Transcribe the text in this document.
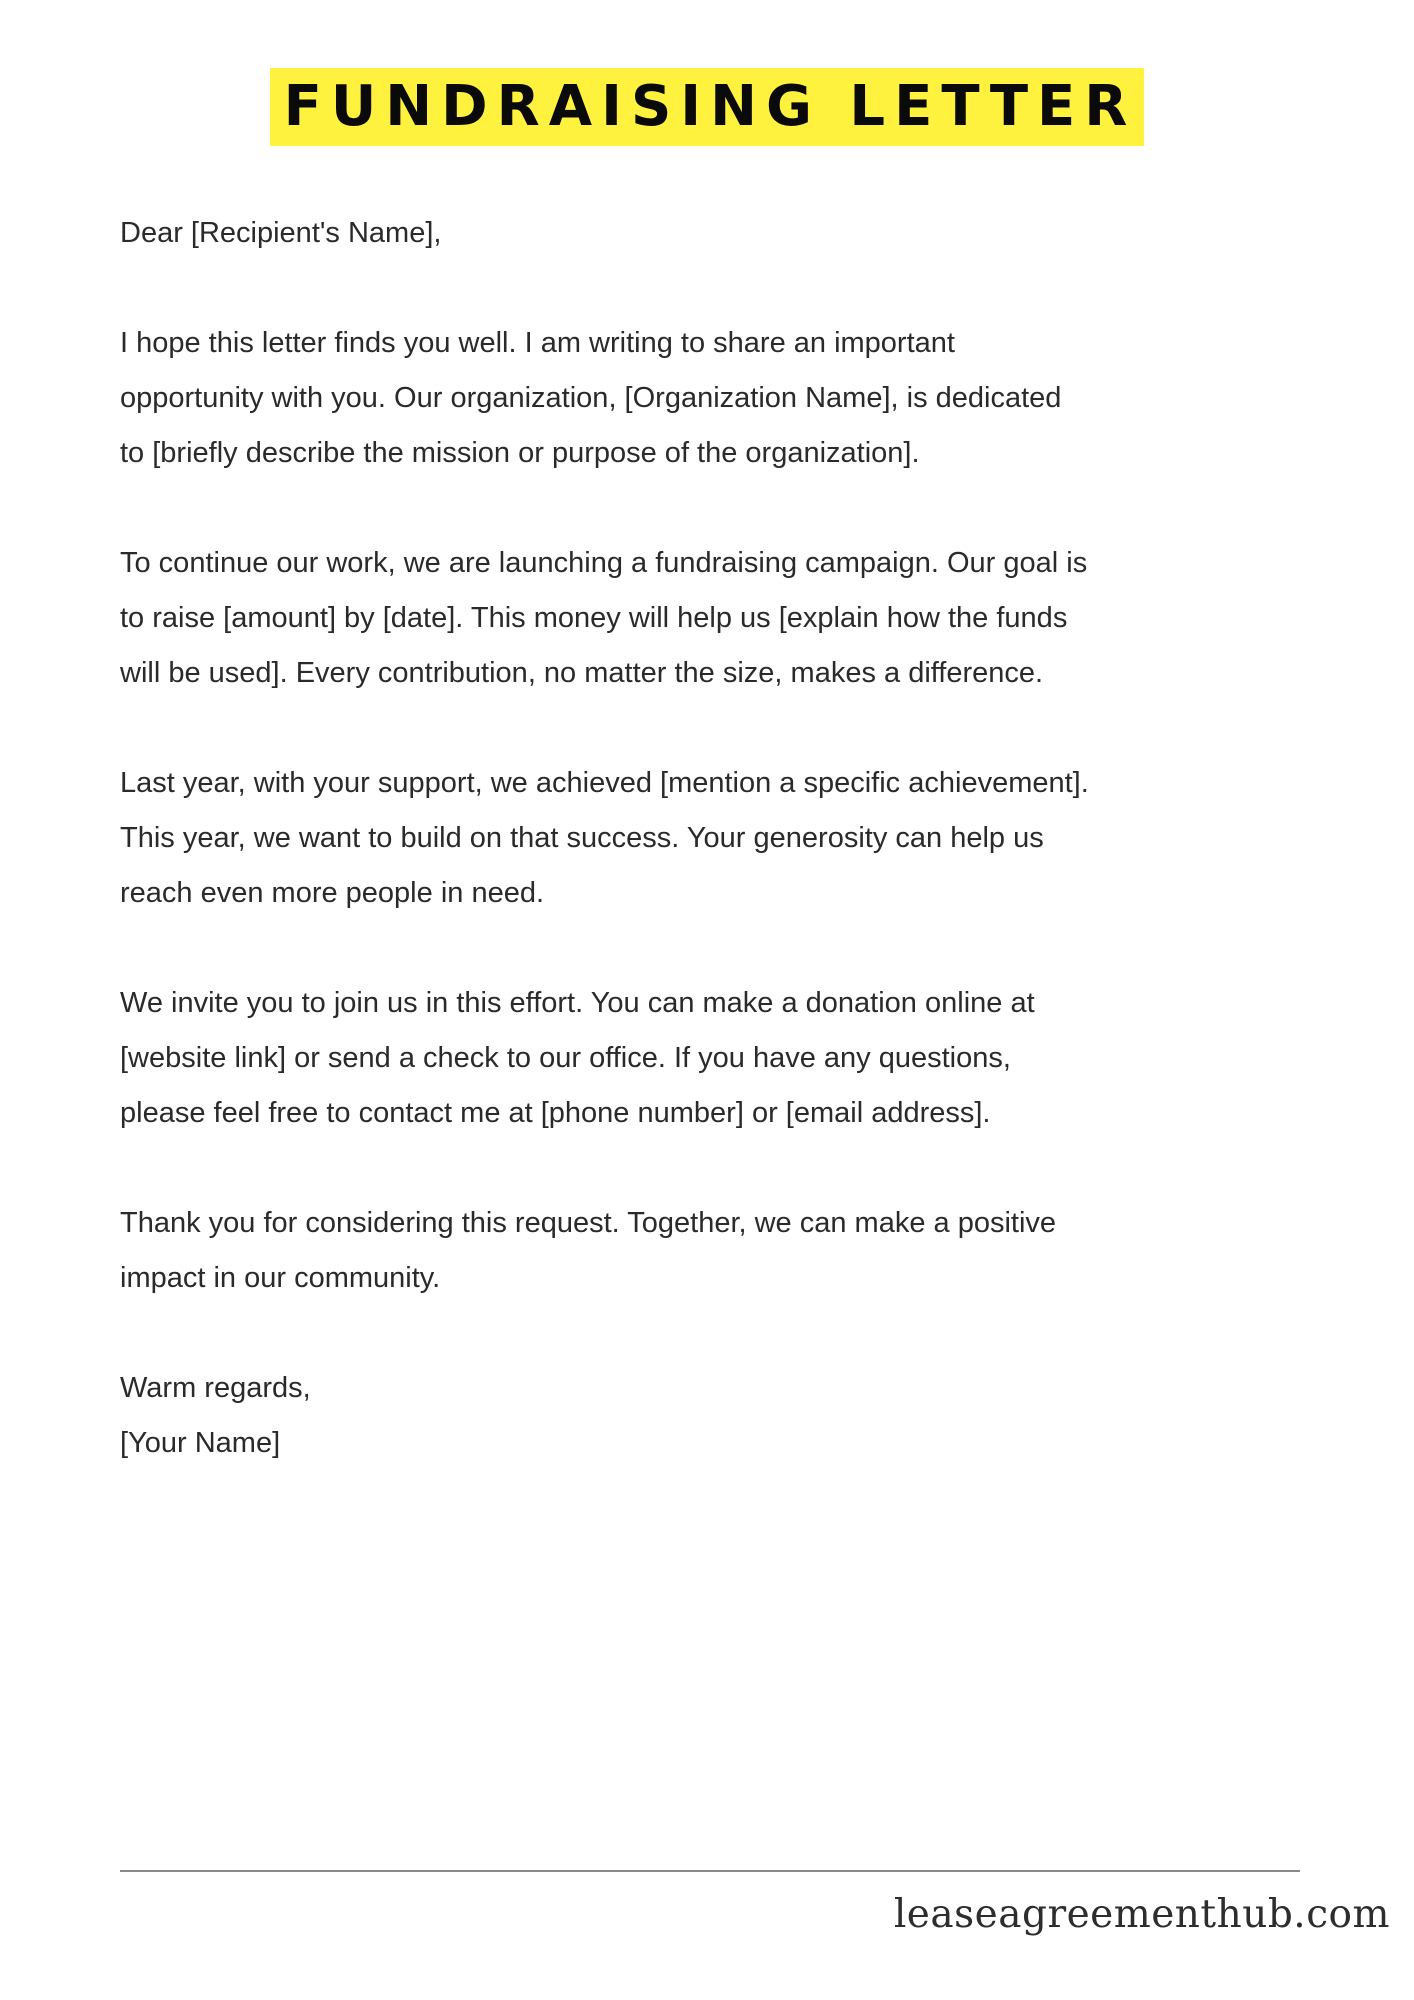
FUNDRAISING LETTER

Dear [Recipient's Name],

I hope this letter finds you well. I am writing to share an important

opportunity with you. Our organization, [Organization Name], is dedicated

to [briefly describe the mission or purpose of the organization].

To continue our work, we are launching a fundraising campaign. Our goal is

to raise [amount] by [date]. This money will help us [explain how the funds

will be used]. Every contribution, no matter the size, makes a difference.

Last year, with your support, we achieved [mention a specific achievement].

This year, we want to build on that success. Your generosity can help us

reach even more people in need.

We invite you to join us in this effort. You can make a donation online at

[website link] or send a check to our office. If you have any questions,

please feel free to contact me at [phone number] or [email address].

Thank you for considering this request. Together, we can make a positive

impact in our community.

Warm regards,

[Your Name]

leaseagreementhub.com
